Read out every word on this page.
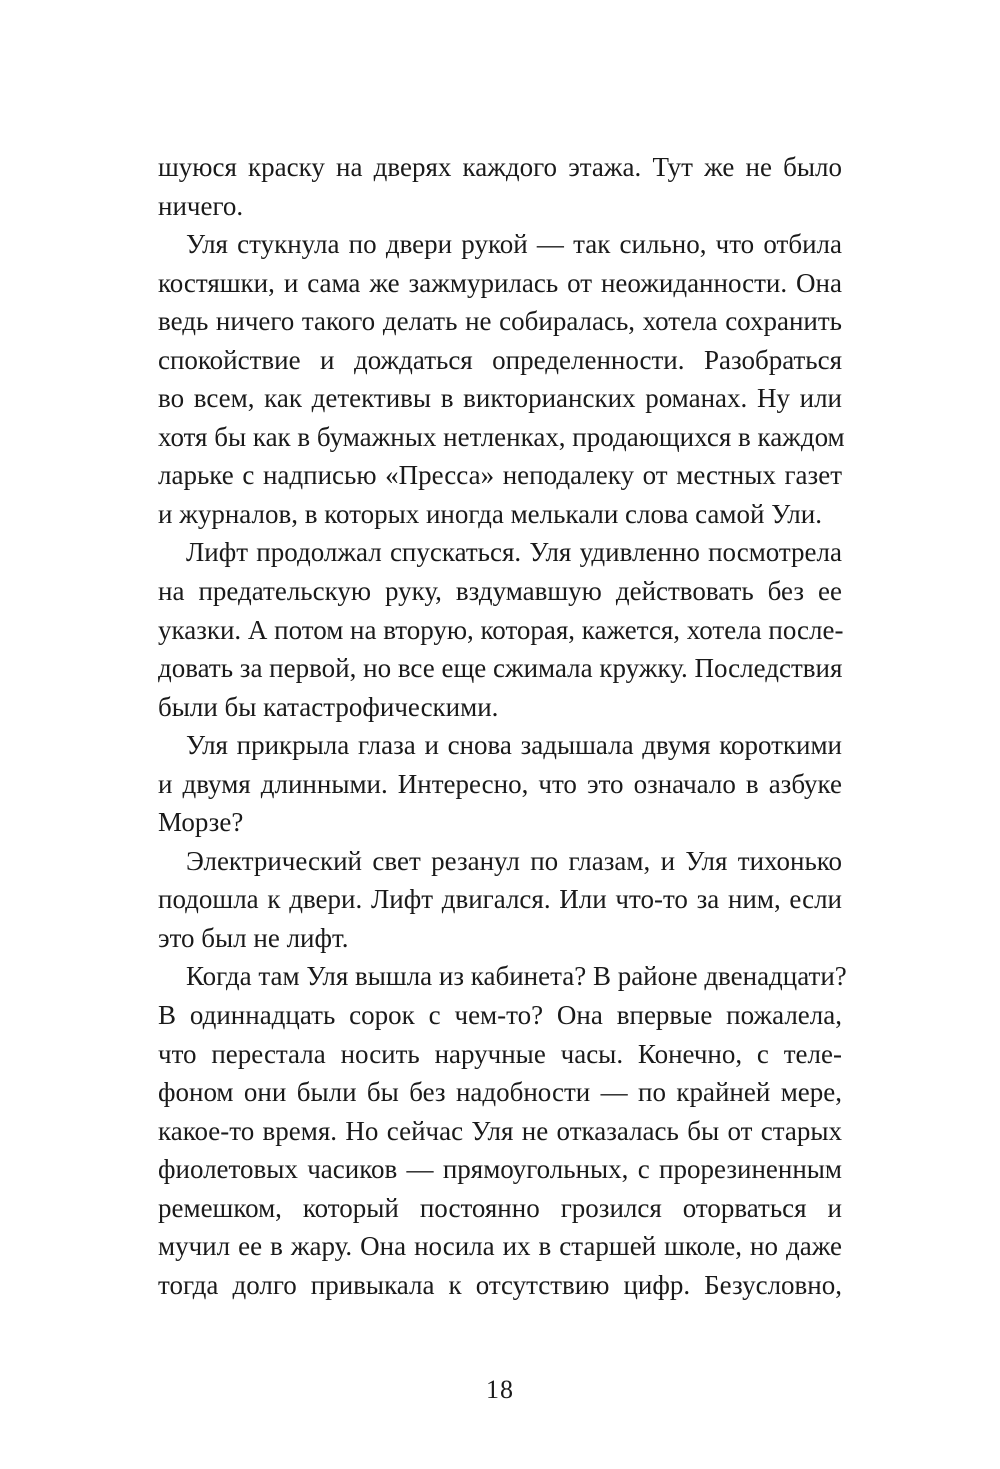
шуюся краску на дверях каждого этажа. Тут же не было
ничего.
Уля стукнула по двери рукой — так сильно, что отбила
костяшки, и сама же зажмурилась от неожиданности. Она
ведь ничего такого делать не собиралась, хотела сохранить
спокойствие и дождаться определенности. Разобраться
во всем, как детективы в викторианских романах. Ну или
хотя бы как в бумажных нетленках, продающихся в каждом
ларьке с надписью «Пресса» неподалеку от местных газет
и журналов, в которых иногда мелькали слова самой Ули.
Лифт продолжал спускаться. Уля удивленно посмотрела
на предательскую руку, вздумавшую действовать без ее
указки. А потом на вторую, которая, кажется, хотела после-
довать за первой, но все еще сжимала кружку. Последствия
были бы катастрофическими.
Уля прикрыла глаза и снова задышала двумя короткими
и двумя длинными. Интересно, что это означало в азбуке
Морзе?
Электрический свет резанул по глазам, и Уля тихонько
подошла к двери. Лифт двигался. Или что-то за ним, если
это был не лифт.
Когда там Уля вышла из кабинета? В районе двенадцати?
В одиннадцать сорок с чем-то? Она впервые пожалела,
что перестала носить наручные часы. Конечно, с теле-
фоном они были бы без надобности — по крайней мере,
какое-то время. Но сейчас Уля не отказалась бы от старых
фиолетовых часиков — прямоугольных, с прорезиненным
ремешком, который постоянно грозился оторваться и
мучил ее в жару. Она носила их в старшей школе, но даже
тогда долго привыкала к отсутствию цифр. Безусловно,
18
